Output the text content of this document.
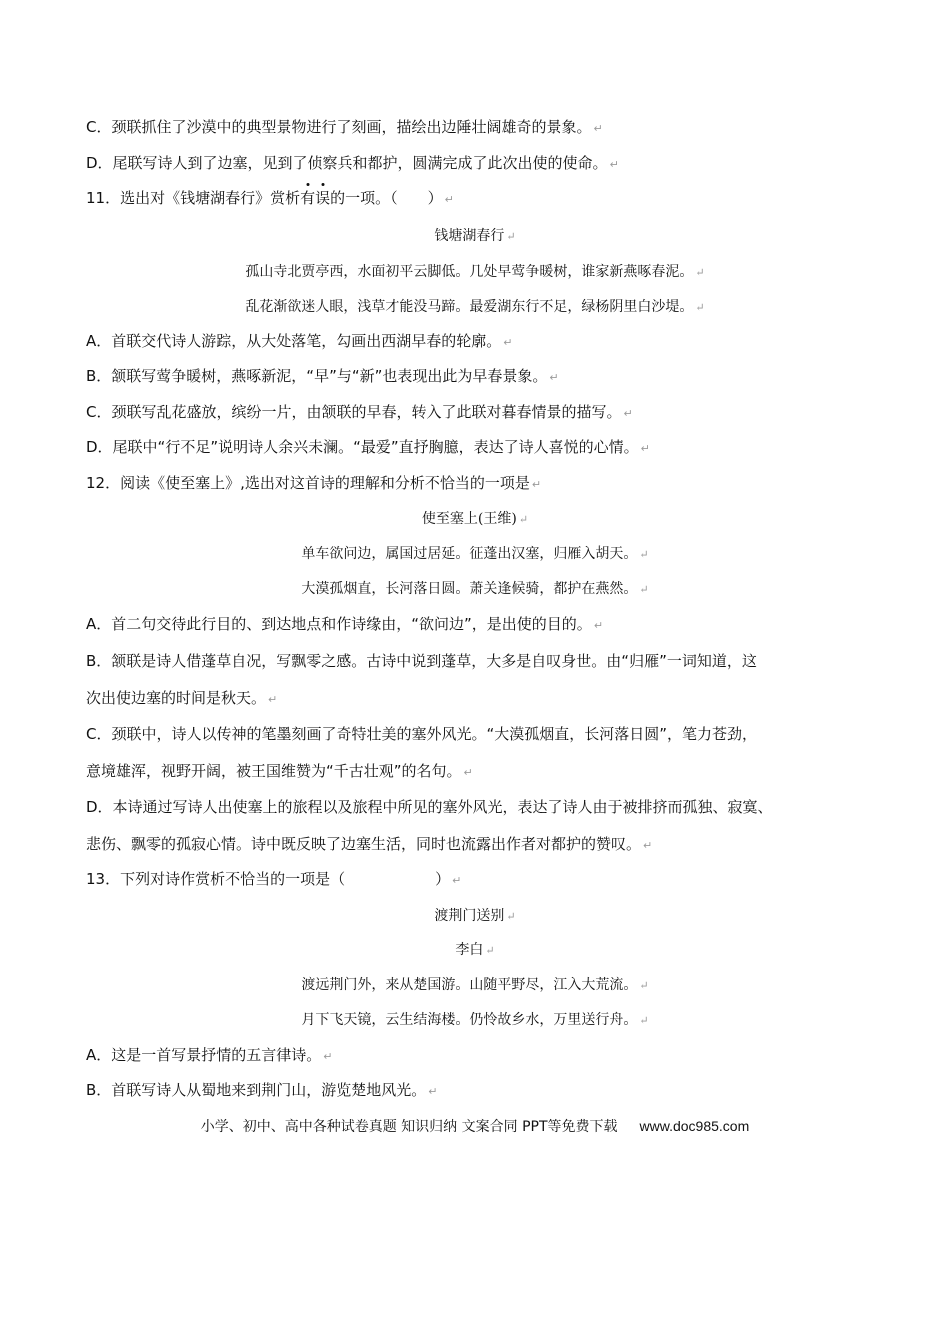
C．颈联抓住了沙漠中的典型景物进行了刻画，描绘出边陲壮阔雄奇的景象。 ↵
D．尾联写诗人到了边塞，见到了侦察兵和都护，圆满完成了此次出使的使命。 ↵
11．选出对《钱塘湖春行》赏析有
误
的一项。（　　） ↵
钱塘湖春行 ↵
孤山寺北贾亭西，水面初平云脚低。几处早莺争暖树，谁家新燕啄春泥。 ↵
乱花渐欲迷人眼，浅草才能没马蹄。最爱湖东行不足，绿杨阴里白沙堤。 ↵
A．首联交代诗人游踪，从大处落笔，勾画出西湖早春的轮廓。 ↵
B．颔联写莺争暖树，燕啄新泥，“早”与“新”也表现出此为早春景象。 ↵
C．颈联写乱花盛放，缤纷一片，由颔联的早春，转入了此联对暮春情景的描写。 ↵
D．尾联中“行不足”说明诗人余兴未澜。“最爱”直抒胸臆，表达了诗人喜悦的心情。 ↵
12．阅读《使至塞上》,选出对这首诗的理解和分析不恰当的一项是 ↵
使至塞上(王维) ↵
单车欲问边，属国过居延。征蓬出汉塞，归雁入胡天。 ↵
大漠孤烟直，长河落日圆。萧关逢候骑，都护在燕然。 ↵
A．首二句交待此行目的、到达地点和作诗缘由，“欲问边”，是出使的目的。 ↵
B．颔联是诗人借蓬草自况，写飘零之感。古诗中说到蓬草，大多是自叹身世。由“归雁”一词知道，这
次出使边塞的时间是秋天。 ↵
C．颈联中，诗人以传神的笔墨刻画了奇特壮美的塞外风光。“大漠孤烟直，长河落日圆”，笔力苍劲，
意境雄浑，视野开阔，被王国维赞为“千古壮观”的名句。 ↵
D．本诗通过写诗人出使塞上的旅程以及旅程中所见的塞外风光，表达了诗人由于被排挤而孤独、寂寞、
悲伤、飘零的孤寂心情。诗中既反映了边塞生活，同时也流露出作者对都护的赞叹。 ↵
13．下列对诗作赏析不恰当的一项是（　　　　　　） ↵
渡荆门送别 ↵
李白 ↵
渡远荆门外，来从楚国游。山随平野尽，江入大荒流。 ↵
月下飞天镜，云生结海楼。仍怜故乡水，万里送行舟。 ↵
A．这是一首写景抒情的五言律诗。 ↵
B．首联写诗人从蜀地来到荆门山，游览楚地风光。 ↵
小学、初中、高中各种试卷真题 知识归纳 文案合同 PPT等免费下载 www.doc985.com
